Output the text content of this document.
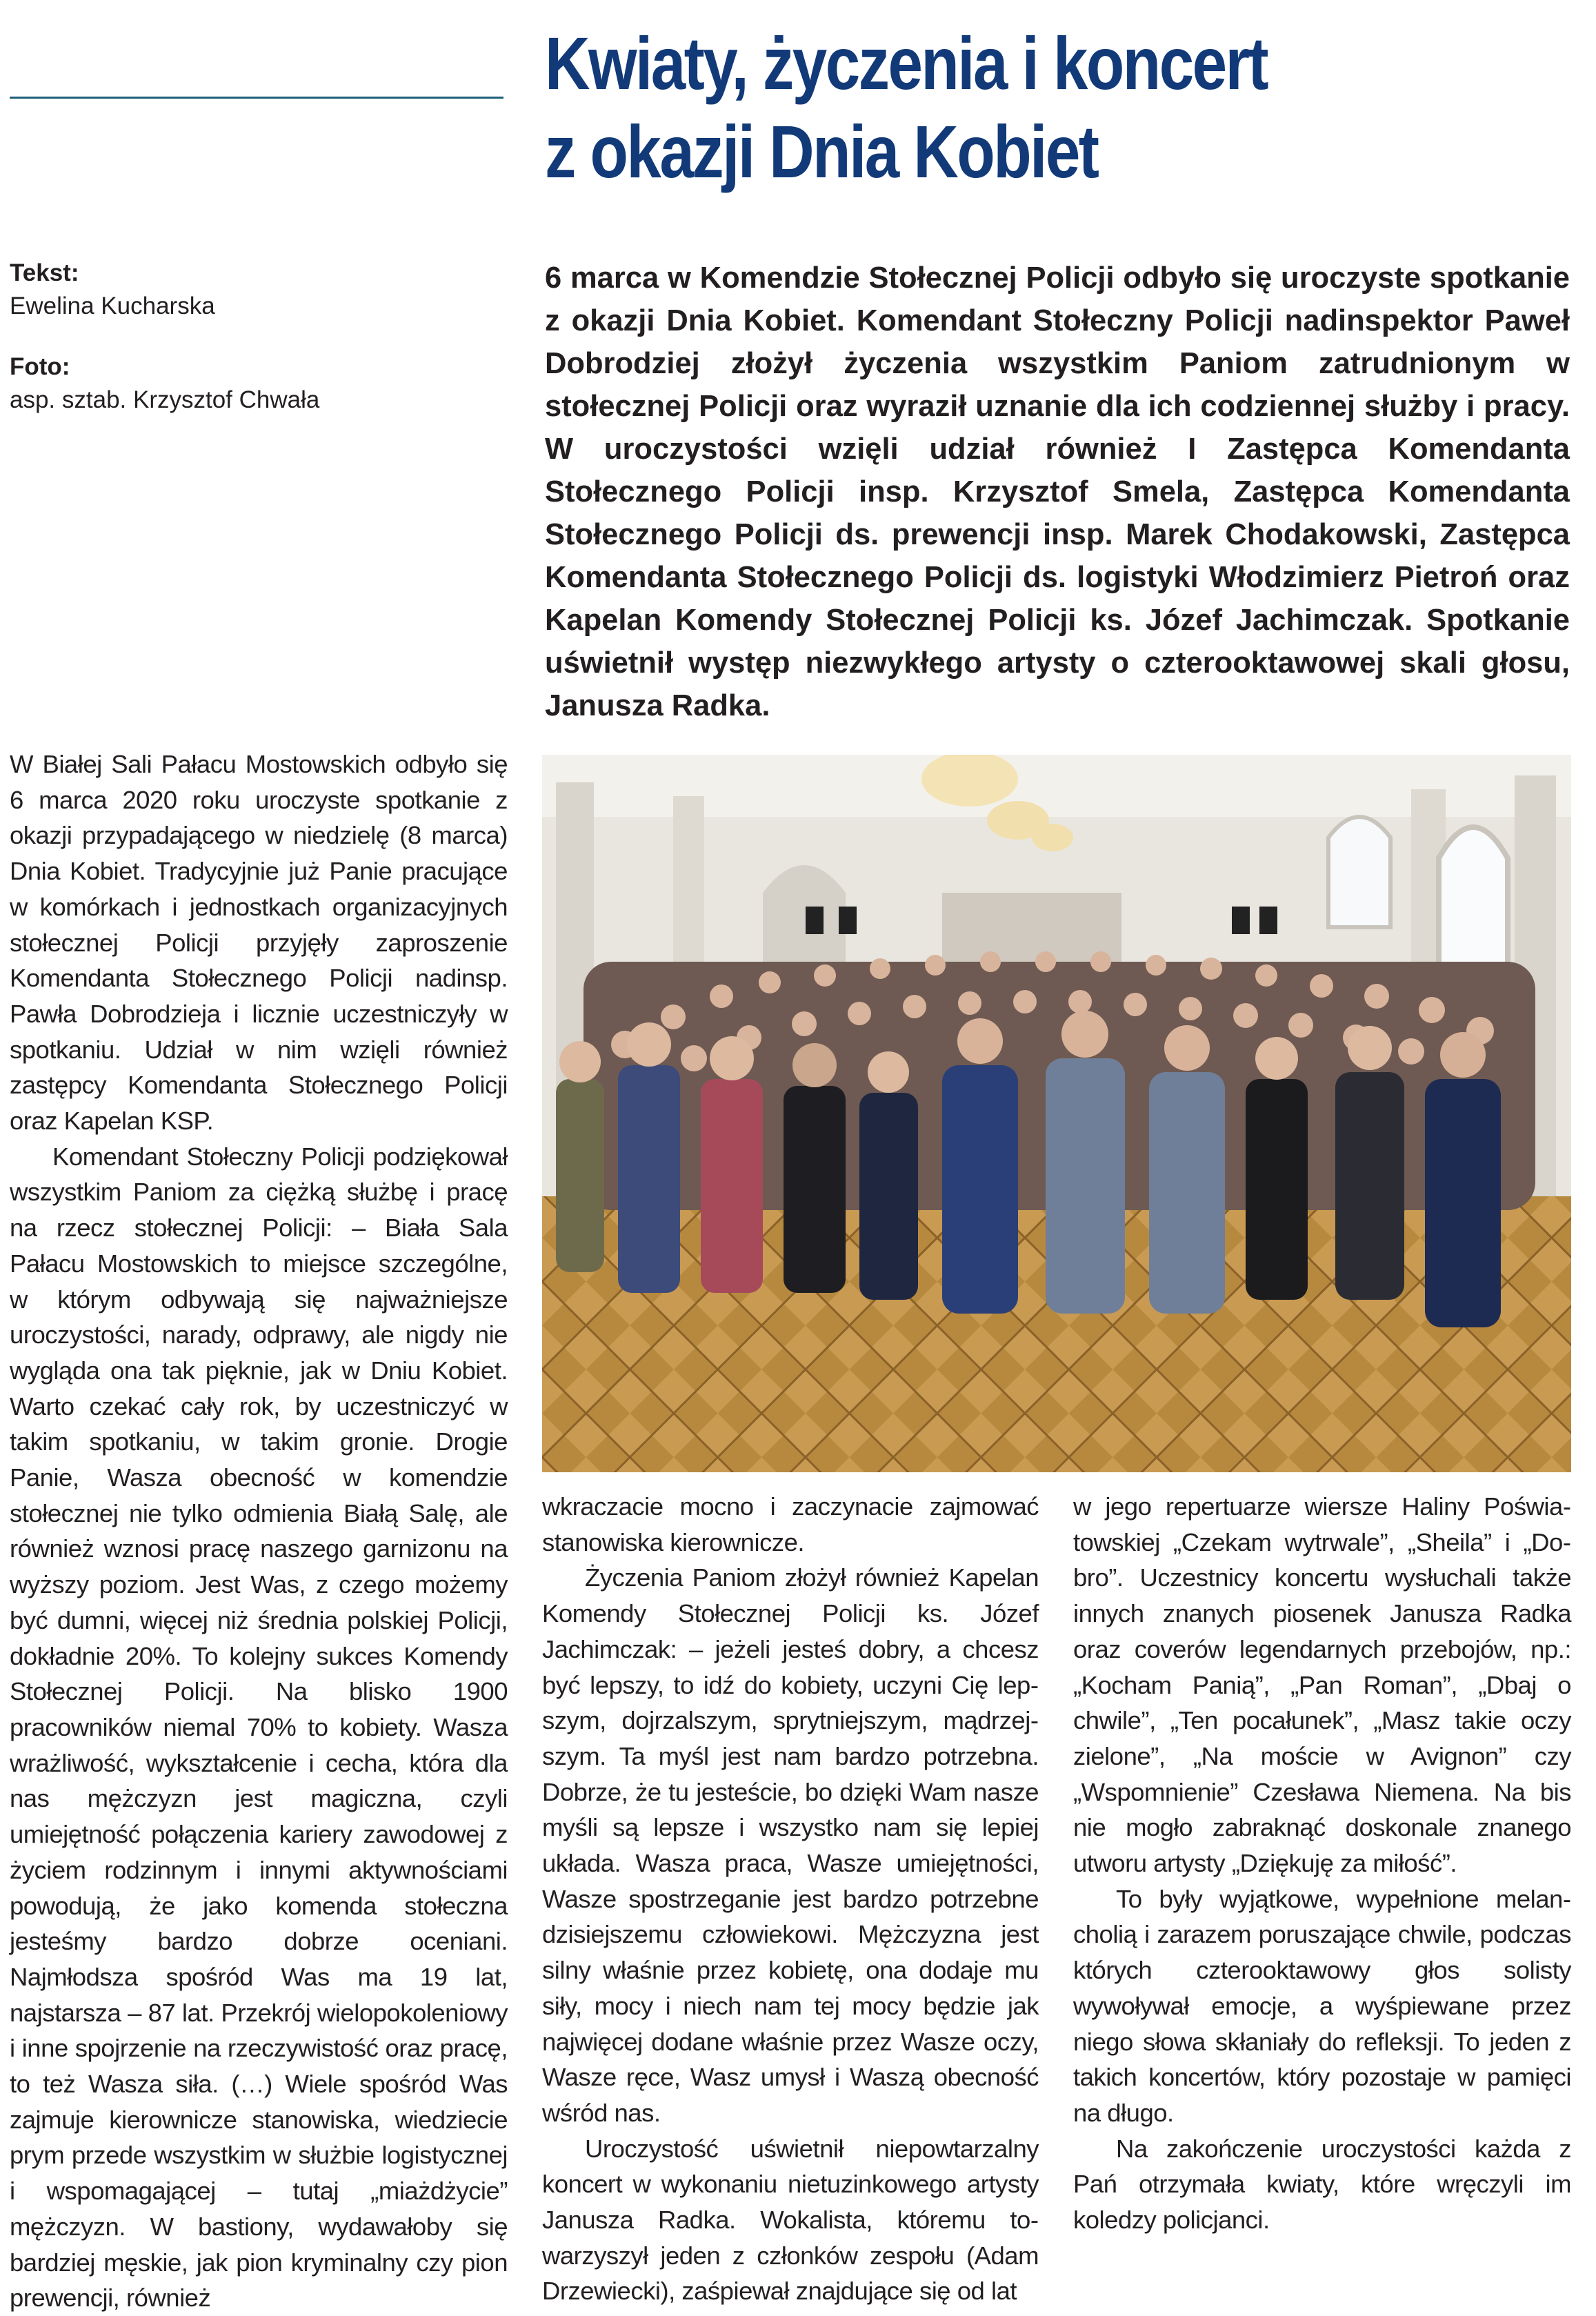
Kwiaty, życzenia i koncert
z okazji Dnia Kobiet
Tekst:
Ewelina Kucharska
Foto:
asp. sztab. Krzysztof Chwała

6 marca w Komendzie Stołecznej Policji odbyło się uroczyste spotkanie z okazji Dnia Kobiet. Komendant Stołeczny Policji nadinspektor Paweł Dobrodziej złożył życzenia wszystkim Paniom zatrudnionym w stołecznej Policji oraz wyraził uznanie dla ich codziennej służby i pracy. W uroczystości wzięli udział również I Zastępca Komendanta Stołecznego Policji insp. Krzysztof Smela, Zastępca Komendanta Stołecznego Policji ds. prewencji insp. Marek Chodakowski, Zastępca Komendanta Stołecznego Policji ds. logistyki Włodzimierz Pietroń oraz Kapelan Komendy Stołecznej Policji ks. Józef Jachimczak. Spotkanie uświetnił występ niezwykłego artysty o czterooktawowej skali głosu, Janusza Radka.

W Białej Sali Pałacu Mostowskich odbyło się 6 marca 2020 roku uroczyste spotkanie z okazji przypadającego w niedzielę (8 marca) Dnia Kobiet. Tradycyjnie już Panie pracujące w komórkach i jednostkach organizacyjnych stołecznej Policji przyjęły zaproszenie Komendanta Stołecznego Policji nadinsp. Pawła Dobrodzieja i licznie uczestniczyły w spotkaniu. Udział w nim wzięli również zastępcy Komendanta Stołecznego Policji oraz Kapelan KSP.

Komendant Stołeczny Policji podziękował wszystkim Paniom za ciężką służbę i pracę na rzecz stołecznej Policji: – Biała Sala Pałacu Mostowskich to miejsce szczególne, w którym odbywają się najważniejsze uroczystości, narady, odprawy, ale nigdy nie wygląda ona tak pięknie, jak w Dniu Kobiet. Warto czekać cały rok, by uczestniczyć w takim spotkaniu, w takim gronie. Drogie Panie, Wasza obecność w komendzie stołecznej nie tylko odmienia Białą Salę, ale również wznosi pracę naszego garnizonu na wyższy poziom. Jest Was, z czego możemy być dumni, więcej niż średnia polskiej Policji, dokładnie 20%. To kolejny sukces Komendy Stołecznej Policji. Na blisko 1900 pracowników niemal 70% to kobiety. Wasza wrażliwość, wykształcenie i cecha, która dla nas mężczyzn jest magiczna, czyli umiejętność połączenia kariery zawodowej z życiem rodzinnym i innymi aktywnościami powodują, że jako komenda stołeczna jesteśmy bardzo dobrze oceniani. Najmłodsza spośród Was ma 19 lat, najstarsza – 87 lat. Przekrój wielopokoleniowy i inne spojrzenie na rzeczywistość oraz pracę, to też Wasza siła. (…) Wiele spośród Was zajmuje kierownicze stanowiska, wiedziecie prym przede wszystkim w służbie logistycznej i wspomagającej – tutaj „miażdżycie” mężczyzn. W bastiony, wydawałoby się bardziej męskie, jak pion kryminalny czy pion prewencji, również

wkraczacie mocno i zaczynacie zajmować stanowiska kierownicze.

Życzenia Paniom złożył również Kapelan Komendy Stołecznej Policji ks. Józef Jachimczak: – jeżeli jesteś dobry, a chcesz być lepszy, to idź do kobiety, uczyni Cię lepszym, dojrzalszym, sprytniejszym, mądrzejszym. Ta myśl jest nam bardzo potrzebna. Dobrze, że tu jesteście, bo dzięki Wam nasze myśli są lepsze i wszystko nam się lepiej układa. Wasza praca, Wasze umiejętności, Wasze spostrzeganie jest bardzo potrzebne dzisiejszemu człowiekowi. Mężczyzna jest silny właśnie przez kobietę, ona dodaje mu siły, mocy i niech nam tej mocy będzie jak najwięcej dodane właśnie przez Wasze oczy, Wasze ręce, Wasz umysł i Waszą obecność wśród nas.

Uroczystość uświetnił niepowtarzalny koncert w wykonaniu nietuzinkowego artysty Janusza Radka. Wokalista, któremu towarzyszył jeden z członków zespołu (Adam Drzewiecki), zaśpiewał znajdujące się od lat

w jego repertuarze wiersze Haliny Poświatowskiej „Czekam wytrwale”, „Sheila” i „Dobro”. Uczestnicy koncertu wysłuchali także innych znanych piosenek Janusza Radka oraz coverów legendarnych przebojów, np.: „Kocham Panią”, „Pan Roman”, „Dbaj o chwile”, „Ten pocałunek”, „Masz takie oczy zielone”, „Na moście w Avignon” czy „Wspomnienie” Czesława Niemena. Na bis nie mogło zabraknąć doskonale znanego utworu artysty „Dziękuję za miłość”.

To były wyjątkowe, wypełnione melancholią i zarazem poruszające chwile, podczas których czterooktawowy głos solisty wywoływał emocje, a wyśpiewane przez niego słowa skłaniały do refleksji. To jeden z takich koncertów, który pozostaje w pamięci na długo.

Na zakończenie uroczystości każda z Pań otrzymała kwiaty, które wręczyli im koledzy policjanci.
